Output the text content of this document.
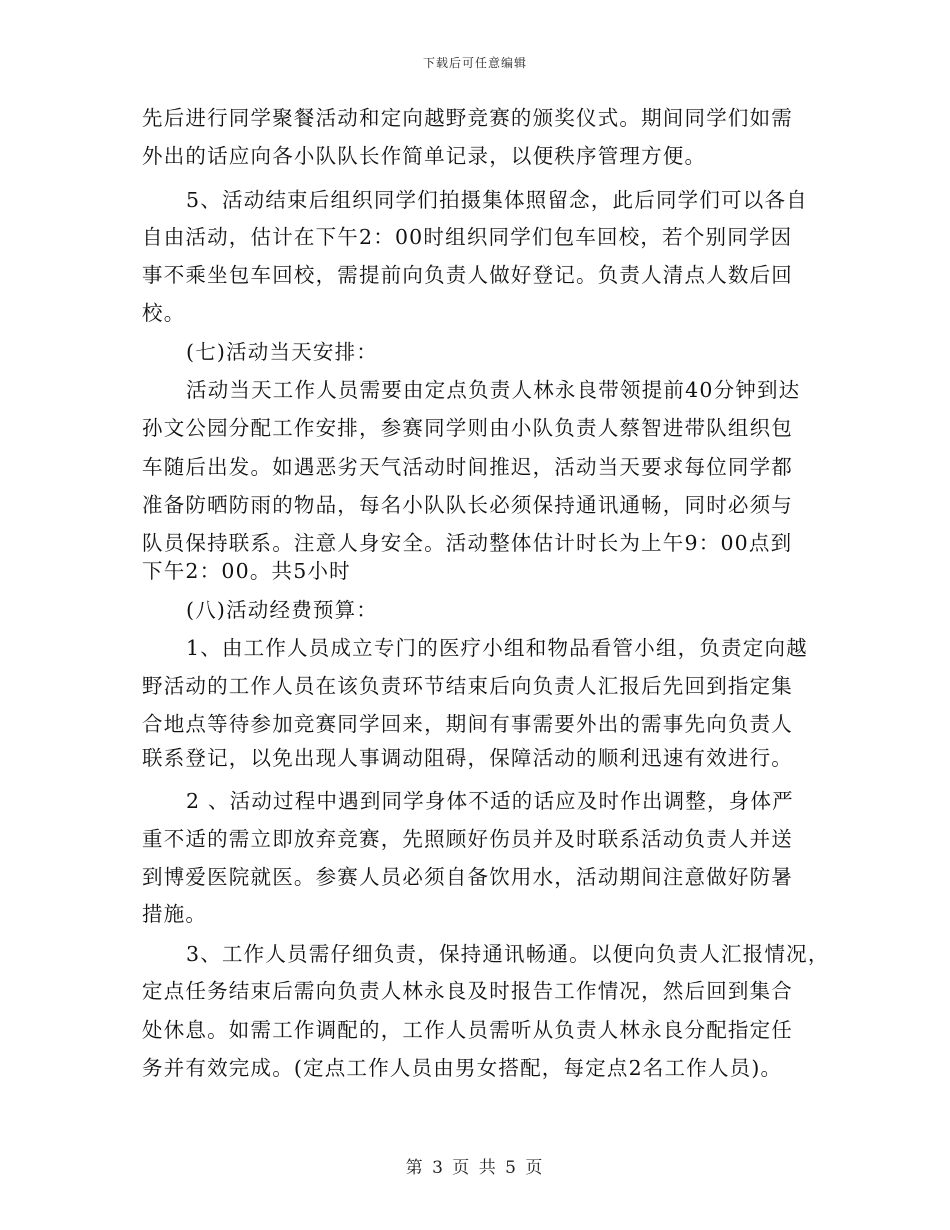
下载后可任意编辑
先后进行同学聚餐活动和定向越野竞赛的颁奖仪式。期间同学们如需
外出的话应向各小队队长作简单记录，以便秩序管理方便。
5、活动结束后组织同学们拍摄集体照留念，此后同学们可以各自
自由活动，估计在下午2：00时组织同学们包车回校，若个别同学因
事不乘坐包车回校，需提前向负责人做好登记。负责人清点人数后回
校。
(七)活动当天安排：
活动当天工作人员需要由定点负责人林永良带领提前40分钟到达
孙文公园分配工作安排，参赛同学则由小队负责人蔡智进带队组织包
车随后出发。如遇恶劣天气活动时间推迟，活动当天要求每位同学都
准备防晒防雨的物品，每名小队队长必须保持通讯通畅，同时必须与
队员保持联系。注意人身安全。活动整体估计时长为上午9：00点到
下午2：00。共5小时
(八)活动经费预算：
1、由工作人员成立专门的医疗小组和物品看管小组，负责定向越
野活动的工作人员在该负责环节结束后向负责人汇报后先回到指定集
合地点等待参加竞赛同学回来，期间有事需要外出的需事先向负责人
联系登记，以免出现人事调动阻碍，保障活动的顺利迅速有效进行。
2 、活动过程中遇到同学身体不适的话应及时作出调整，身体严
重不适的需立即放弃竞赛，先照顾好伤员并及时联系活动负责人并送
到博爱医院就医。参赛人员必须自备饮用水，活动期间注意做好防暑
措施。
3、工作人员需仔细负责，保持通讯畅通。以便向负责人汇报情况，
定点任务结束后需向负责人林永良及时报告工作情况，然后回到集合
处休息。如需工作调配的，工作人员需听从负责人林永良分配指定任
务并有效完成。(定点工作人员由男女搭配，每定点2名工作人员)。
第 3 页 共 5 页
